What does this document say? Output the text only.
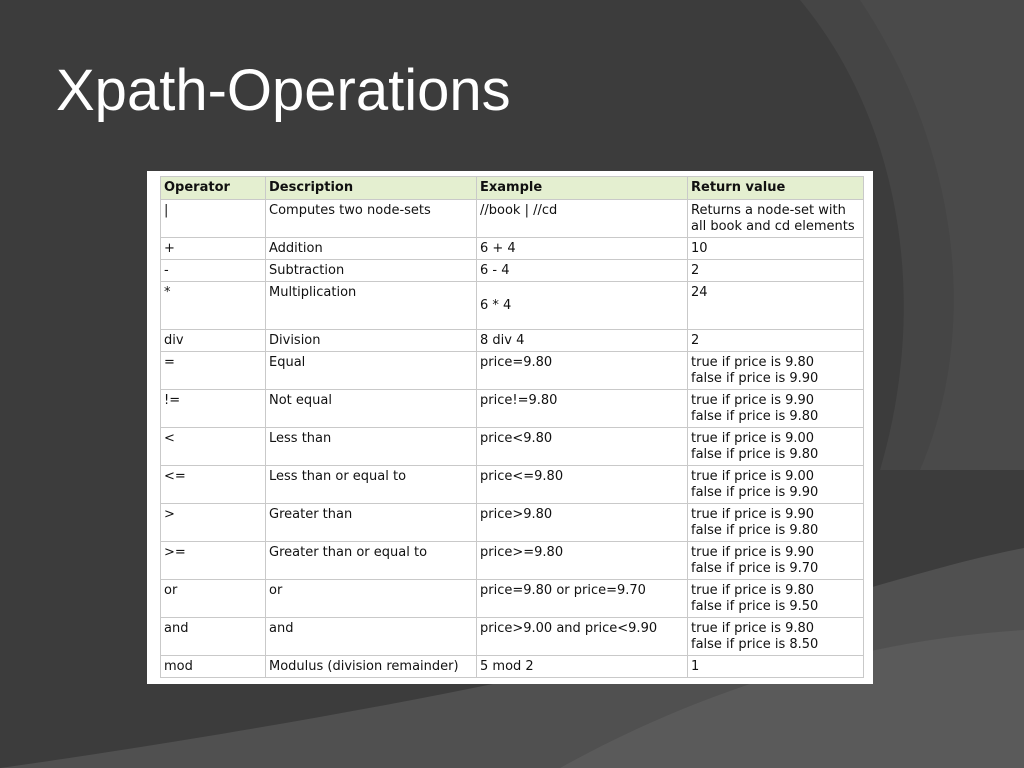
Xpath-Operations
Operator	Description	Example	Return value
|	Computes two node-sets	//book | //cd	Returns a node-set with
all book and cd elements

+	Addition	6 + 4	10
-	Subtraction	6 - 4	2
*	Multiplication	6 * 4	24
div	Division	8 div 4	2
=	Equal	price=9.80	true if price is 9.80
false if price is 9.90

!=	Not equal	price!=9.80	true if price is 9.90
false if price is 9.80

<	Less than	price<9.80	true if price is 9.00
false if price is 9.80

<=	Less than or equal to	price<=9.80	true if price is 9.00
false if price is 9.90

>	Greater than	price>9.80	true if price is 9.90
false if price is 9.80

>=	Greater than or equal to	price>=9.80	true if price is 9.90
false if price is 9.70

or	or	price=9.80 or price=9.70	true if price is 9.80
false if price is 9.50

and	and	price>9.00 and price<9.90	true if price is 9.80
false if price is 8.50

mod	Modulus (division remainder)	5 mod 2	1
